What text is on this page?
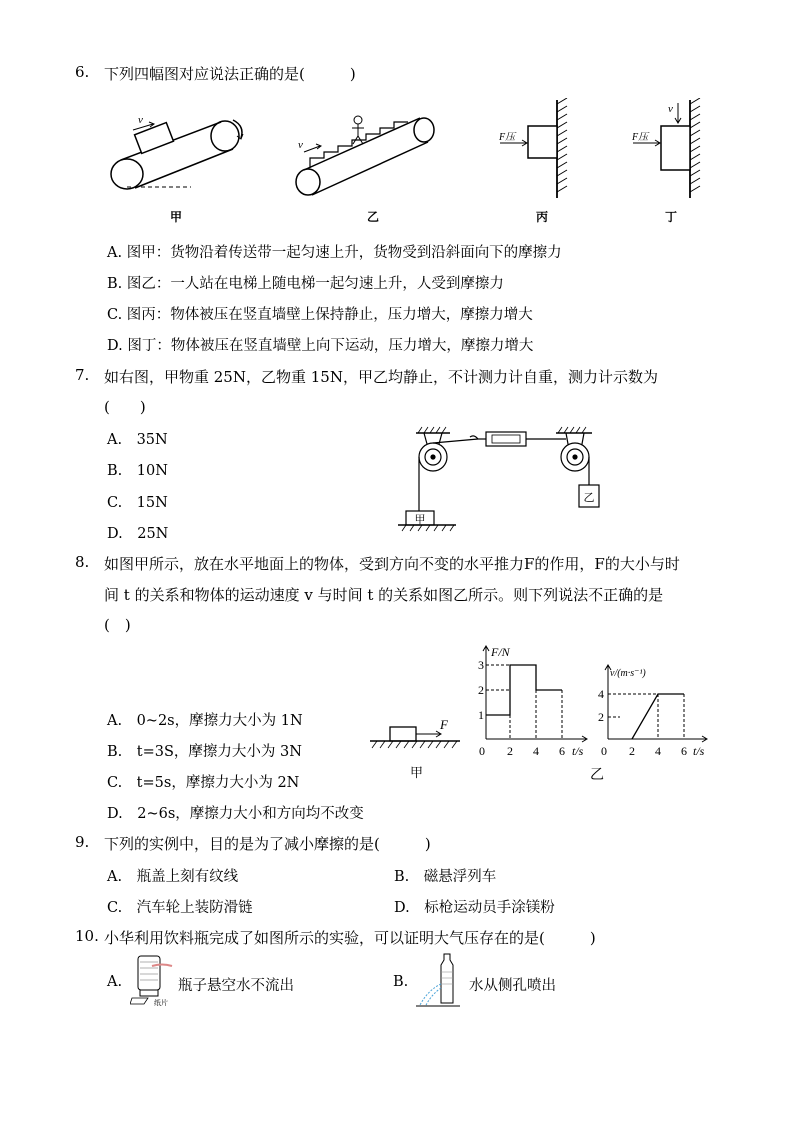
6. 下列四幅图对应说法正确的是(　　　)
v
甲
v
乙
F压
丙
v
F压
丁
A. 图甲：货物沿着传送带一起匀速上升，货物受到沿斜面向下的摩擦力
B. 图乙：一人站在电梯上随电梯一起匀速上升，人受到摩擦力
C. 图丙：物体被压在竖直墙壁上保持静止，压力增大，摩擦力增大
D. 图丁：物体被压在竖直墙壁上向下运动，压力增大，摩擦力增大
7. 如右图，甲物重 25N，乙物重 15N，甲乙均静止，不计测力计自重，测力计示数为
(　　)
A.　35N
B.　10N
C.　15N
D.　25N
乙
甲
8. 如图甲所示，放在水平地面上的物体，受到方向不变的水平推力F的作用，F的大小与时
间 t 的关系和物体的运动速度 v 与时间 t 的关系如图乙所示。则下列说法不正确的是
(　)
A.　0~2s，摩擦力大小为 1N
B.　t=3S，摩擦力大小为 3N
C.　t=5s，摩擦力大小为 2N
D.　2~6s，摩擦力大小和方向均不改变
F
甲
F/N
3
2
1
0 2 4 6 t/s
v/(m·s⁻¹)
4
2
0 2 4 6 t/s
乙
9. 下列的实例中，目的是为了减小摩擦的是(　　　)
A.　瓶盖上刻有纹线	B.　磁悬浮列车
C.　汽车轮上装防滑链	D.　标枪运动员手涂镁粉
10. 小华利用饮料瓶完成了如图所示的实验，可以证明大气压存在的是(　　　)
A.
纸片
瓶子悬空水不流出	B.	水从侧孔喷出
